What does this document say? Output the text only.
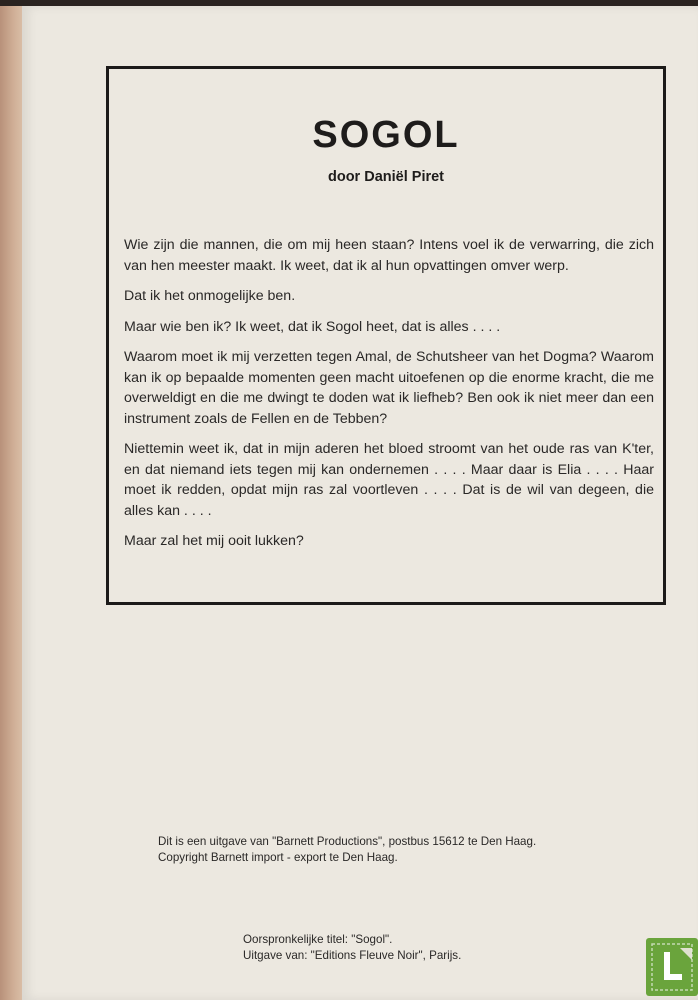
SOGOL
door Daniël Piret

Wie zijn die mannen, die om mij heen staan? Intens voel ik de verwarring, die zich van hen meester maakt. Ik weet, dat ik al hun opvattingen omver werp.

Dat ik het onmogelijke ben.

Maar wie ben ik? Ik weet, dat ik Sogol heet, dat is alles . . . .

Waarom moet ik mij verzetten tegen Amal, de Schutsheer van het Dogma? Waarom kan ik op bepaalde momenten geen macht uitoefenen op die enorme kracht, die me overweldigt en die me dwingt te doden wat ik liefheb? Ben ook ik niet meer dan een instrument zoals de Fellen en de Tebben?

Niettemin weet ik, dat in mijn aderen het bloed stroomt van het oude ras van K'ter, en dat niemand iets tegen mij kan ondernemen . . . . Maar daar is Elia . . . . Haar moet ik redden, opdat mijn ras zal voortleven . . . . Dat is de wil van degeen, die alles kan . . . .

Maar zal het mij ooit lukken?

Dit is een uitgave van "Barnett Productions", postbus 15612 te Den Haag.
Copyright Barnett import - export te Den Haag.
Oorspronkelijke titel: "Sogol".
Uitgave van: "Editions Fleuve Noir", Parijs.
